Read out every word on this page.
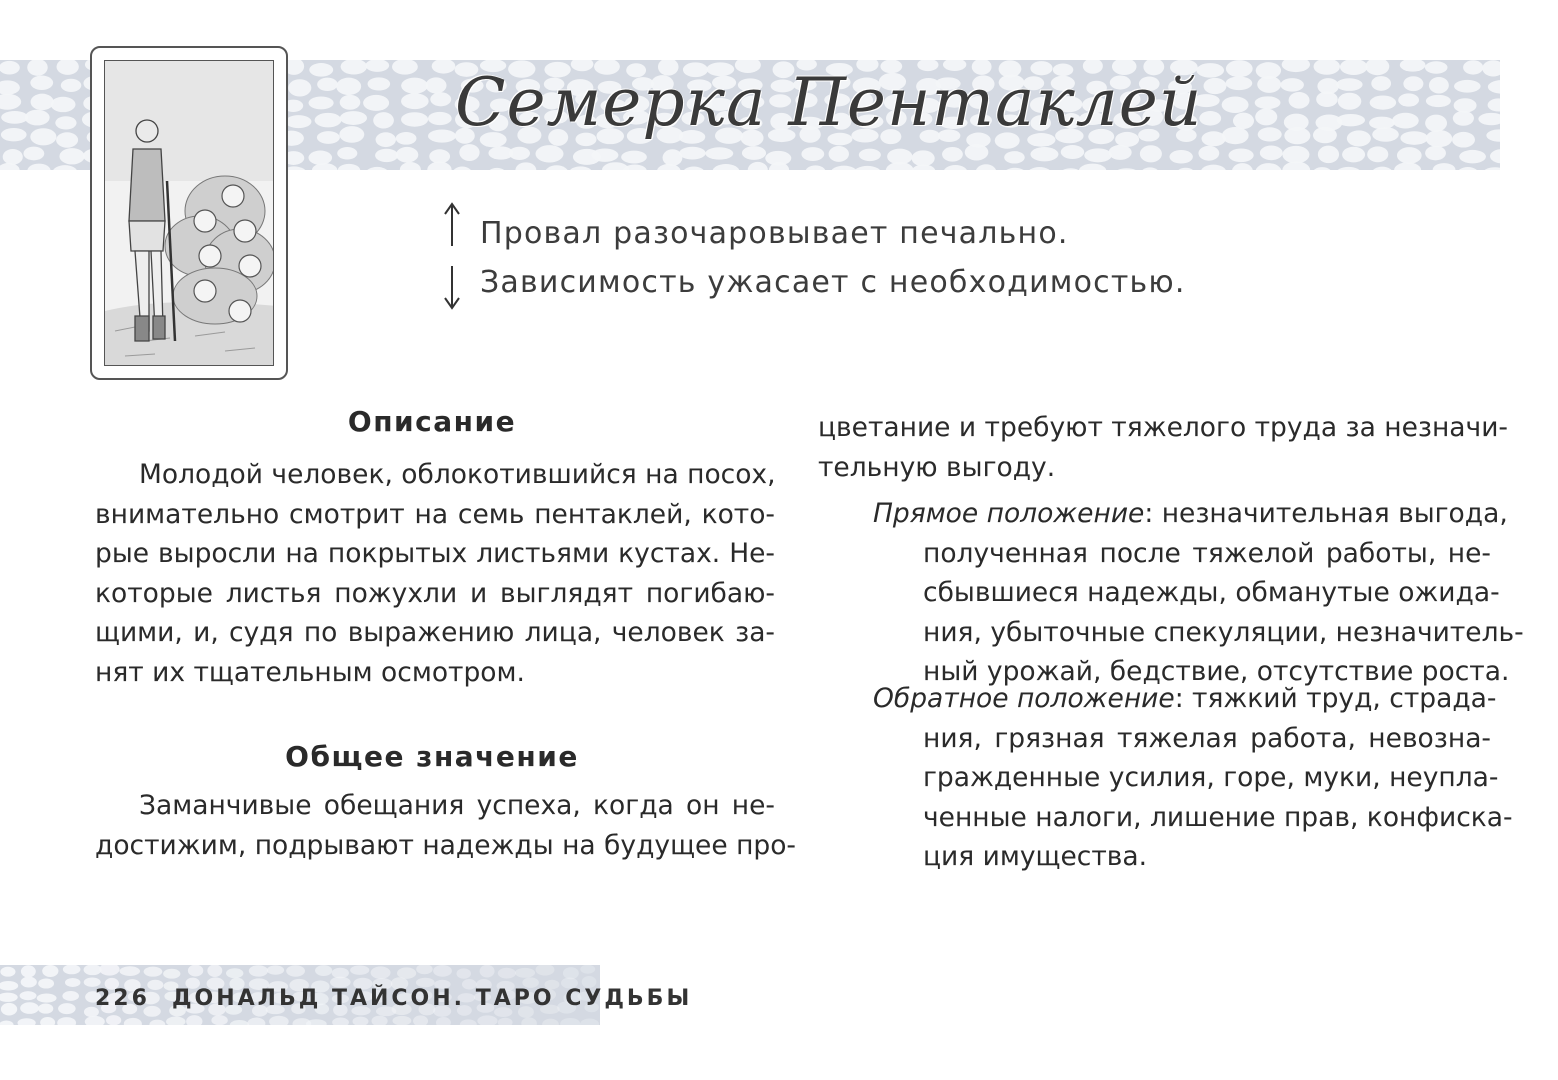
Семерка Пентаклей
Провал разочаровывает печально.
Зависимость ужасает с необходимостью.
Описание
Молодой человек, облокотившийся на посох,
внимательно смотрит на семь пентаклей, кото-
рые выросли на покрытых листьями кустах. Не-
которые листья пожухли и выглядят погибаю-
щими, и, судя по выражению лица, человек за-
нят их тщательным осмотром.
Общее значение
Заманчивые обещания успеха, когда он не-
достижим, подрывают надежды на будущее про-
цветание и требуют тяжелого труда за незначи-
тельную выгоду.
Прямое положение: незначительная выгода,
полученная после тяжелой работы, не-
сбывшиеся надежды, обманутые ожида-
ния, убыточные спекуляции, незначитель-
ный урожай, бедствие, отсутствие роста.
Обратное положение: тяжкий труд, страда-
ния, грязная тяжелая работа, невозна-
гражденные усилия, горе, муки, неупла-
ченные налоги, лишение прав, конфиска-
ция имущества.
226 ДОНАЛЬД ТАЙСОН. ТАРО СУДЬБЫ
